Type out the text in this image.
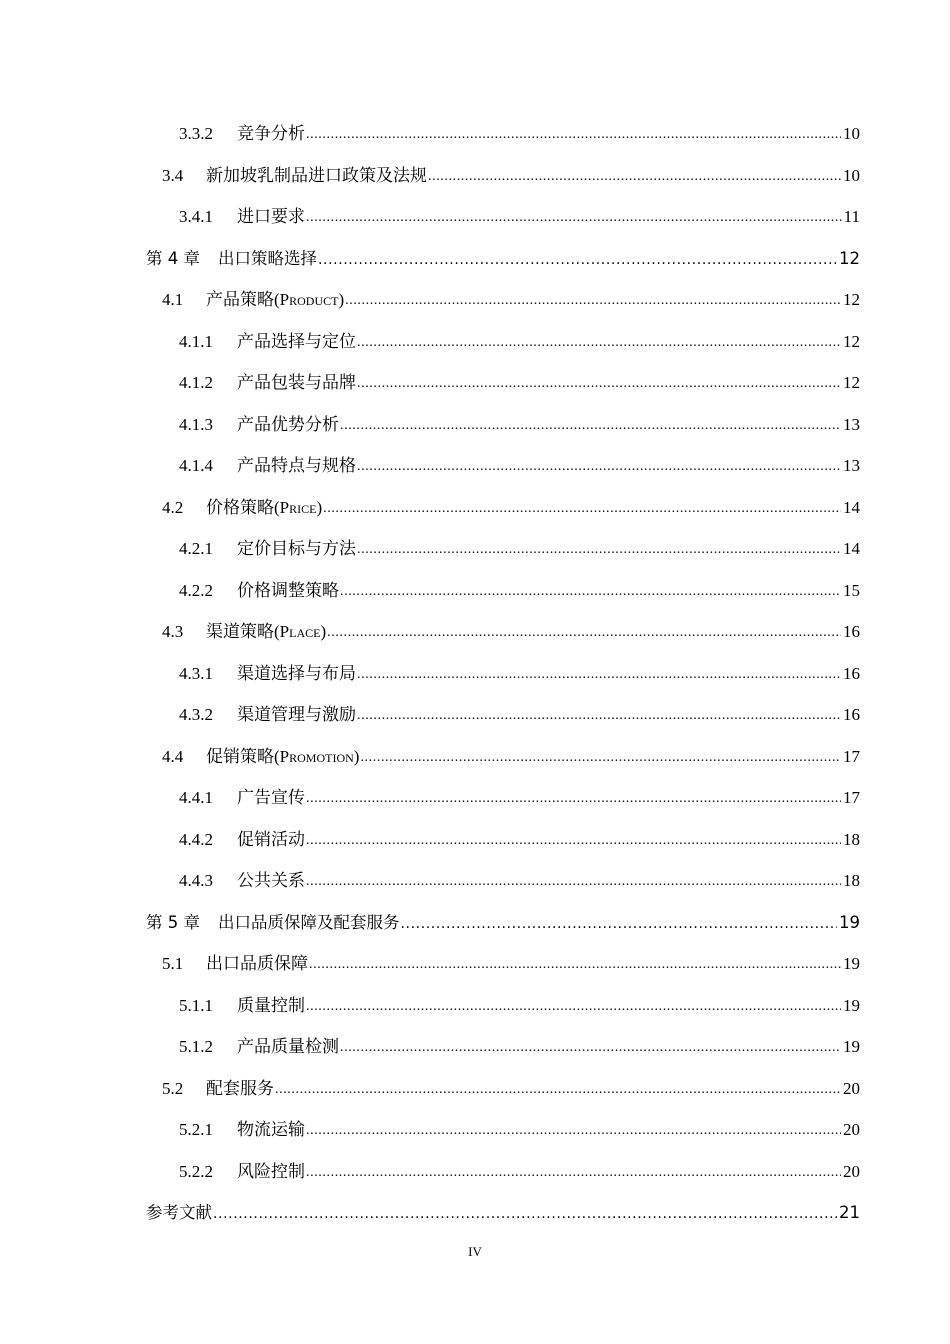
3.3.2	竞争分析 .....	10
3.4	新加坡乳制品进口政策及法规 .....	10
3.4.1	进口要求 .....	11
第 4 章 出口策略选择 .....	12
4.1	产品策略(Product) .....	12
4.1.1	产品选择与定位 .....	12
4.1.2	产品包装与品牌 .....	12
4.1.3	产品优势分析 .....	13
4.1.4	产品特点与规格 .....	13
4.2	价格策略(Price) .....	14
4.2.1	定价目标与方法 .....	14
4.2.2	价格调整策略 .....	15
4.3	渠道策略(Place) .....	16
4.3.1	渠道选择与布局 .....	16
4.3.2	渠道管理与激励 .....	16
4.4	促销策略(Promotion) .....	17
4.4.1	广告宣传 .....	17
4.4.2	促销活动 .....	18
4.4.3	公共关系 .....	18
第 5 章 出口品质保障及配套服务 .....	19
5.1	出口品质保障 .....	19
5.1.1	质量控制 .....	19
5.1.2	产品质量检测 .....	19
5.2	配套服务 .....	20
5.2.1	物流运输 .....	20
5.2.2	风险控制 .....	20
参考文献 .....	21
IV
